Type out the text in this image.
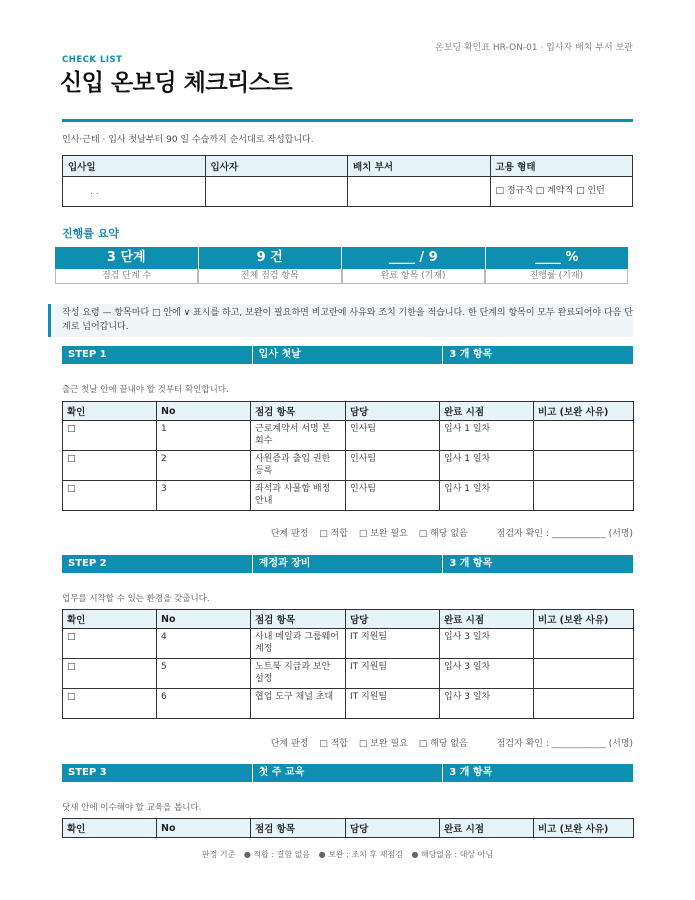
온보딩 확인표 HR-ON-01 · 입사자 배치 부서 보관
CHECK LIST
신입 온보딩 체크리스트
인사·근태 · 입사 첫날부터 90 일 수습까지 순서대로 작성합니다.
입사일	입사자	배치 부서	고용 형태
. .			□ 정규직 □ 계약직 □ 인턴
진행률 요약
3 단계	9 건	____ / 9	____ %
점검 단계 수	전체 점검 항목	완료 항목 (기재)	진행률 (기재)
작성 요령 — 항목마다 □ 안에 ∨ 표시를 하고, 보완이 필요하면 비고란에 사유와 조치 기한을 적습니다. 한 단계의 항목이 모두 완료되어야 다음 단계로 넘어갑니다.
STEP 1	입사 첫날	3 개 항목
출근 첫날 안에 끝내야 할 것부터 확인합니다.
확인	No	점검 항목	담당	완료 시점	비고 (보완 사유)
□	1	근로계약서 서명 본 회수	인사팀	입사 1 일차	
□	2	사원증과 출입 권한 등록	인사팀	입사 1 일차	
□	3	좌석과 사물함 배정 안내	인사팀	입사 1 일차	
단계 판정 □ 적합 □ 보완 필요 □ 해당 없음	점검자 확인 : ____________ (서명)
STEP 2	계정과 장비	3 개 항목
업무를 시작할 수 있는 환경을 갖춥니다.
확인	No	점검 항목	담당	완료 시점	비고 (보완 사유)
□	4	사내 메일과 그룹웨어 계정	IT 지원팀	입사 3 일차	
□	5	노트북 지급과 보안 설정	IT 지원팀	입사 3 일차	
□	6	협업 도구 채널 초대	IT 지원팀	입사 3 일차	
단계 판정 □ 적합 □ 보완 필요 □ 해당 없음	점검자 확인 : ____________ (서명)
STEP 3	첫 주 교육	3 개 항목
닷새 안에 이수해야 할 교육을 봅니다.
확인	No	점검 항목	담당	완료 시점	비고 (보완 사유)
판정 기준 ● 적합 : 결함 없음 ● 보완 : 조치 후 재점검 ● 해당없음 : 대상 아님
